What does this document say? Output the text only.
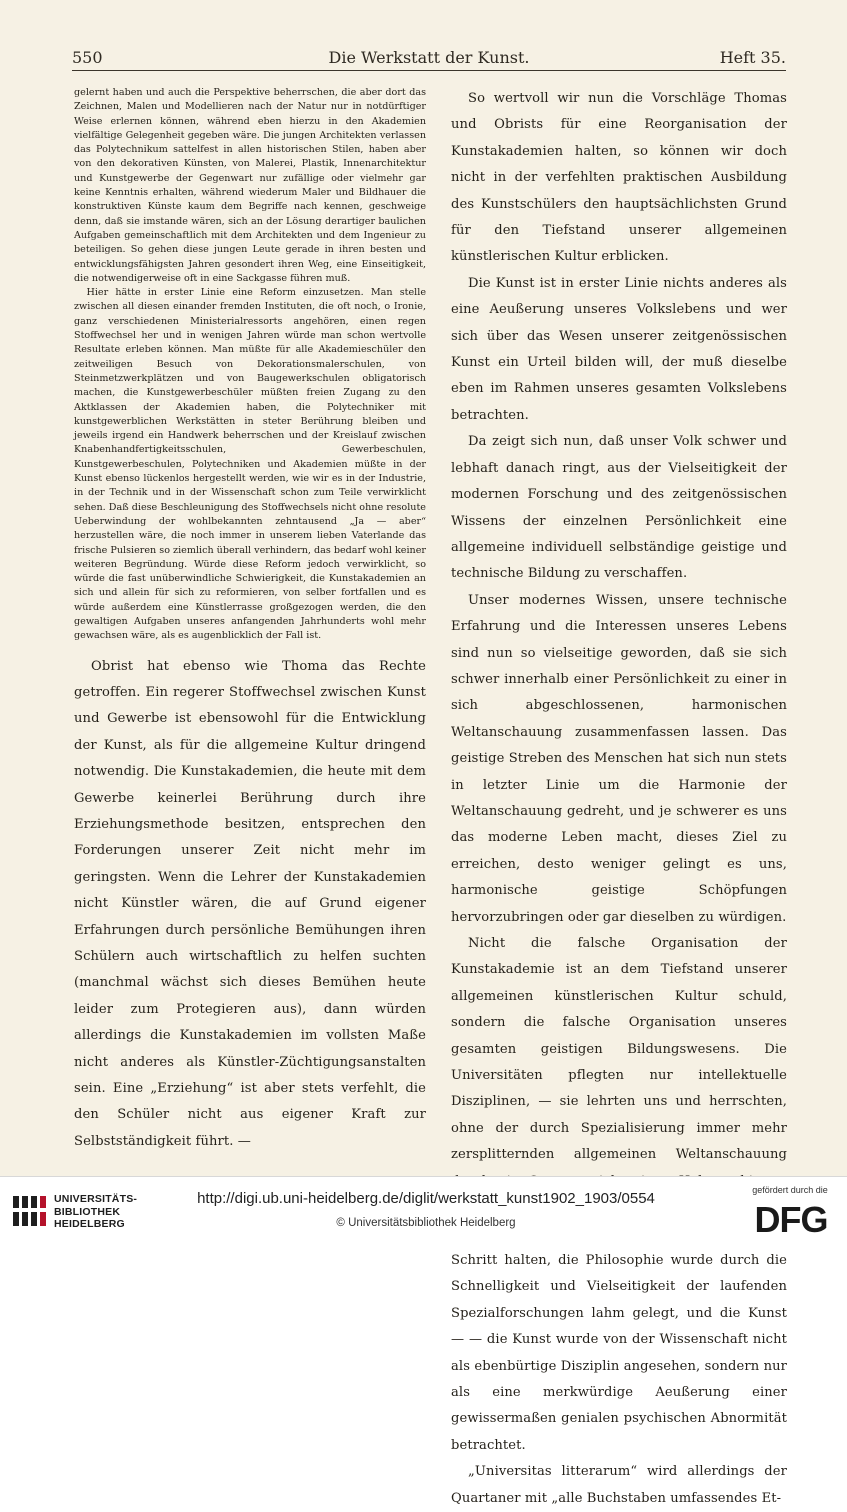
550	Die Werkstatt der Kunst.	Heft 35.

gelernt haben und auch die Perspektive beherrschen, die aber dort das Zeichnen, Malen und Modellieren nach der Natur nur in notdürftiger Weise erlernen können, während eben hierzu in den Akademien vielfältige Gelegenheit gegeben wäre. Die jungen Architekten verlassen das Polytechnikum sattelfest in allen historischen Stilen, haben aber von den dekorativen Künsten, von Malerei, Plastik, Innenarchitektur und Kunstgewerbe der Gegenwart nur zufällige oder vielmehr gar keine Kenntnis erhalten, während wiederum Maler und Bildhauer die konstruktiven Künste kaum dem Begriffe nach kennen, geschweige denn, daß sie imstande wären, sich an der Lösung derartiger baulichen Aufgaben gemeinschaftlich mit dem Architekten und dem Ingenieur zu beteiligen. So gehen diese jungen Leute gerade in ihren besten und entwicklungsfähigsten Jahren gesondert ihren Weg, eine Einseitigkeit, die notwendigerweise oft in eine Sackgasse führen muß.

Hier hätte in erster Linie eine Reform einzusetzen. Man stelle zwischen all diesen einander fremden Instituten, die oft noch, o Ironie, ganz verschiedenen Ministerialressorts angehören, einen regen Stoffwechsel her und in wenigen Jahren würde man schon wertvolle Resultate erleben können. Man müßte für alle Akademieschüler den zeitweiligen Besuch von Dekorationsmalerschulen, von Steinmetzwerkplätzen und von Baugewerkschulen obligatorisch machen, die Kunstgewerbeschüler müßten freien Zugang zu den Aktklassen der Akademien haben, die Polytechniker mit kunstgewerblichen Werkstätten in steter Berührung bleiben und jeweils irgend ein Handwerk beherrschen und der Kreislauf zwischen Knabenhandfertigkeitsschulen, Gewerbeschulen, Kunstgewerbeschulen, Polytechniken und Akademien müßte in der Kunst ebenso lückenlos hergestellt werden, wie wir es in der Industrie, in der Technik und in der Wissenschaft schon zum Teile verwirklicht sehen. Daß diese Beschleunigung des Stoffwechsels nicht ohne resolute Ueberwindung der wohlbekannten zehntausend „Ja — aber“ herzustellen wäre, die noch immer in unserem lieben Vaterlande das frische Pulsieren so ziemlich überall verhindern, das bedarf wohl keiner weiteren Begründung. Würde diese Reform jedoch verwirklicht, so würde die fast unüberwindliche Schwierigkeit, die Kunstakademien an sich und allein für sich zu reformieren, von selber fortfallen und es würde außerdem eine Künstlerrasse großgezogen werden, die den gewaltigen Aufgaben unseres anfangenden Jahrhunderts wohl mehr gewachsen wäre, als es augenblicklich der Fall ist.

Obrist hat ebenso wie Thoma das Rechte getroffen. Ein regerer Stoffwechsel zwischen Kunst und Gewerbe ist ebensowohl für die Entwicklung der Kunst, als für die allgemeine Kultur dringend notwendig. Die Kunstakademien, die heute mit dem Gewerbe keinerlei Berührung durch ihre Erziehungsmethode besitzen, entsprechen den Forderungen unserer Zeit nicht mehr im geringsten. Wenn die Lehrer der Kunstakademien nicht Künstler wären, die auf Grund eigener Erfahrungen durch persönliche Bemühungen ihren Schülern auch wirtschaftlich zu helfen suchten (manchmal wächst sich dieses Bemühen heute leider zum Protegieren aus), dann würden allerdings die Kunstakademien im vollsten Maße nicht anderes als Künstler-Züchtigungsanstalten sein. Eine „Erziehung“ ist aber stets verfehlt, die den Schüler nicht aus eigener Kraft zur Selbstständigkeit führt. —

So wertvoll wir nun die Vorschläge Thomas und Obrists für eine Reorganisation der Kunstakademien halten, so können wir doch nicht in der verfehlten praktischen Ausbildung des Kunstschülers den hauptsächlichsten Grund für den Tiefstand unserer allgemeinen künstlerischen Kultur erblicken.

Die Kunst ist in erster Linie nichts anderes als eine Aeußerung unseres Volkslebens und wer sich über das Wesen unserer zeitgenössischen Kunst ein Urteil bilden will, der muß dieselbe eben im Rahmen unseres gesamten Volkslebens betrachten.

Da zeigt sich nun, daß unser Volk schwer und lebhaft danach ringt, aus der Vielseitigkeit der modernen Forschung und des zeitgenössischen Wissens der einzelnen Persönlichkeit eine allgemeine individuell selbständige geistige und technische Bildung zu verschaffen.

Unser modernes Wissen, unsere technische Erfahrung und die Interessen unseres Lebens sind nun so vielseitige geworden, daß sie sich schwer innerhalb einer Persönlichkeit zu einer in sich abgeschlossenen, harmonischen Weltanschauung zusammenfassen lassen. Das geistige Streben des Menschen hat sich nun stets in letzter Linie um die Harmonie der Weltanschauung gedreht, und je schwerer es uns das moderne Leben macht, dieses Ziel zu erreichen, desto weniger gelingt es uns, harmonische geistige Schöpfungen hervorzubringen oder gar dieselben zu würdigen.

Nicht die falsche Organisation der Kunstakademie ist an dem Tiefstand unserer allgemeinen künstlerischen Kultur schuld, sondern die falsche Organisation unseres gesamten geistigen Bildungswesens. Die Universitäten pflegten nur intellektuelle Disziplinen, — sie lehrten uns und herrschten, ohne der durch Spezialisierung immer mehr zersplitternden allgemeinen Weltanschauung Schritt halten, die Philosophie wurde durch die Schnelligkeit und Vielseitigkeit der laufenden Spezialforschungen lahm gelegt, und die Kunst — — die Kunst wurde von der Wissenschaft nicht als ebenbürtige Disziplin angesehen, sondern nur als eine merkwürdige Aeußerung einer gewissermaßen genialen psychischen Abnormität betrachtet.

„Universitas litterarum“ wird allerdings der Quartaner mit „alle Buchstaben umfassendes Et-

UNIVERSITÄTS-
BIBLIOTHEK
HEIDELBERG
http://digi.ub.uni-heidelberg.de/diglit/werkstatt_kunst1902_1903/0554
© Universitätsbibliothek Heidelberg
gefördert durch die
DFG
